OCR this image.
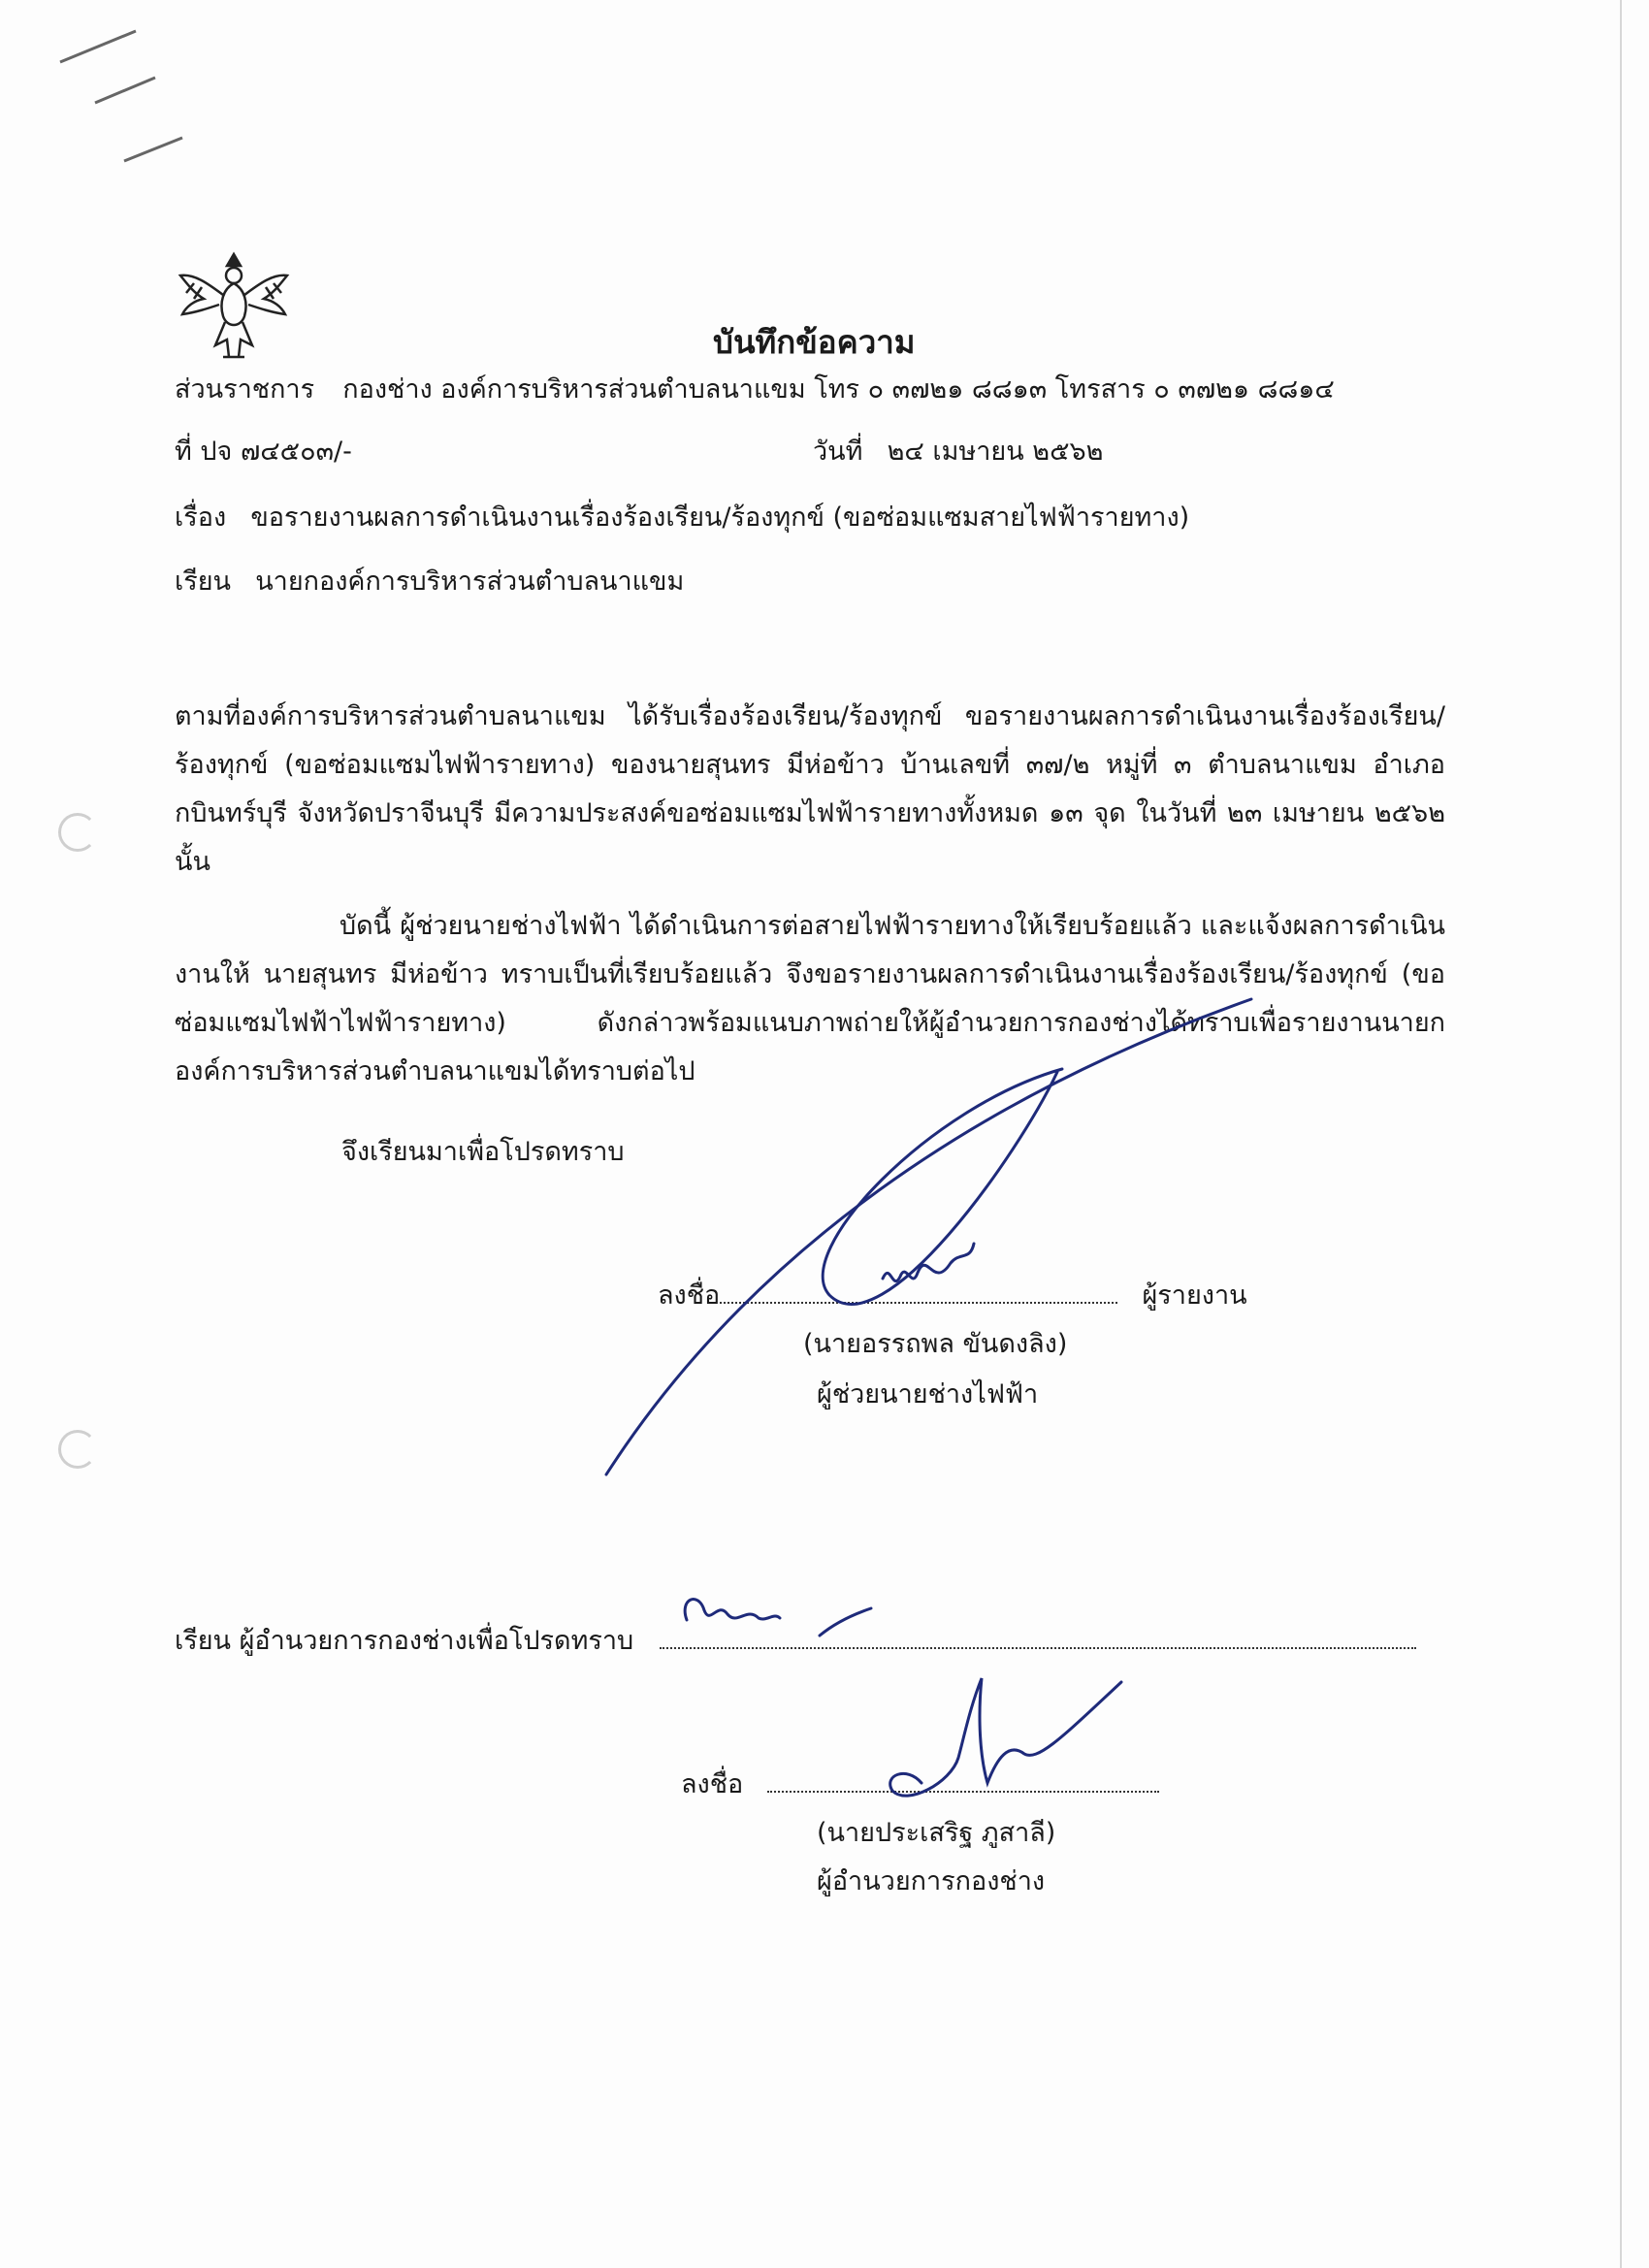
บันทึกข้อความ
ส่วนราชการ กองช่าง องค์การบริหารส่วนตำบลนาแขม โทร ๐ ๓๗๒๑ ๘๘๑๓ โทรสาร ๐ ๓๗๒๑ ๘๘๑๔
ที่ ปจ ๗๔๕๐๓/-	วันที่ ๒๔ เมษายน ๒๕๖๒
เรื่อง ขอรายงานผลการดำเนินงานเรื่องร้องเรียน/ร้องทุกข์ (ขอซ่อมแซมสายไฟฟ้ารายทาง)
เรียน นายกองค์การบริหารส่วนตำบลนาแขม

ตามที่องค์การบริหารส่วนตำบลนาแขม ได้รับเรื่องร้องเรียน/ร้องทุกข์ ขอรายงานผลการดำเนินงานเรื่องร้องเรียน/ร้องทุกข์ (ขอซ่อมแซมไฟฟ้ารายทาง) ของนายสุนทร มีห่อข้าว บ้านเลขที่ ๓๗/๒ หมู่ที่ ๓ ตำบลนาแขม อำเภอกบินทร์บุรี จังหวัดปราจีนบุรี มีความประสงค์ขอซ่อมแซมไฟฟ้ารายทางทั้งหมด ๑๓ จุด ในวันที่ ๒๓ เมษายน ๒๕๖๒ นั้น

บัดนี้ ผู้ช่วยนายช่างไฟฟ้า ได้ดำเนินการต่อสายไฟฟ้ารายทางให้เรียบร้อยแล้ว และแจ้งผลการดำเนินงานให้ นายสุนทร มีห่อข้าว ทราบเป็นที่เรียบร้อยแล้ว จึงขอรายงานผลการดำเนินงานเรื่องร้องเรียน/ร้องทุกข์ (ขอซ่อมแซมไฟฟ้าไฟฟ้ารายทาง) ดังกล่าวพร้อมแนบภาพถ่ายให้ผู้อำนวยการกองช่างได้ทราบเพื่อรายงานนายกองค์การบริหารส่วนตำบลนาแขมได้ทราบต่อไป

จึงเรียนมาเพื่อโปรดทราบ
ลงชื่อ	ผู้รายงาน
(นายอรรถพล ขันดงลิง)
ผู้ช่วยนายช่างไฟฟ้า
เรียน ผู้อำนวยการกองช่างเพื่อโปรดทราบ
ลงชื่อ
(นายประเสริฐ ภูสาลี)
ผู้อำนวยการกองช่าง
